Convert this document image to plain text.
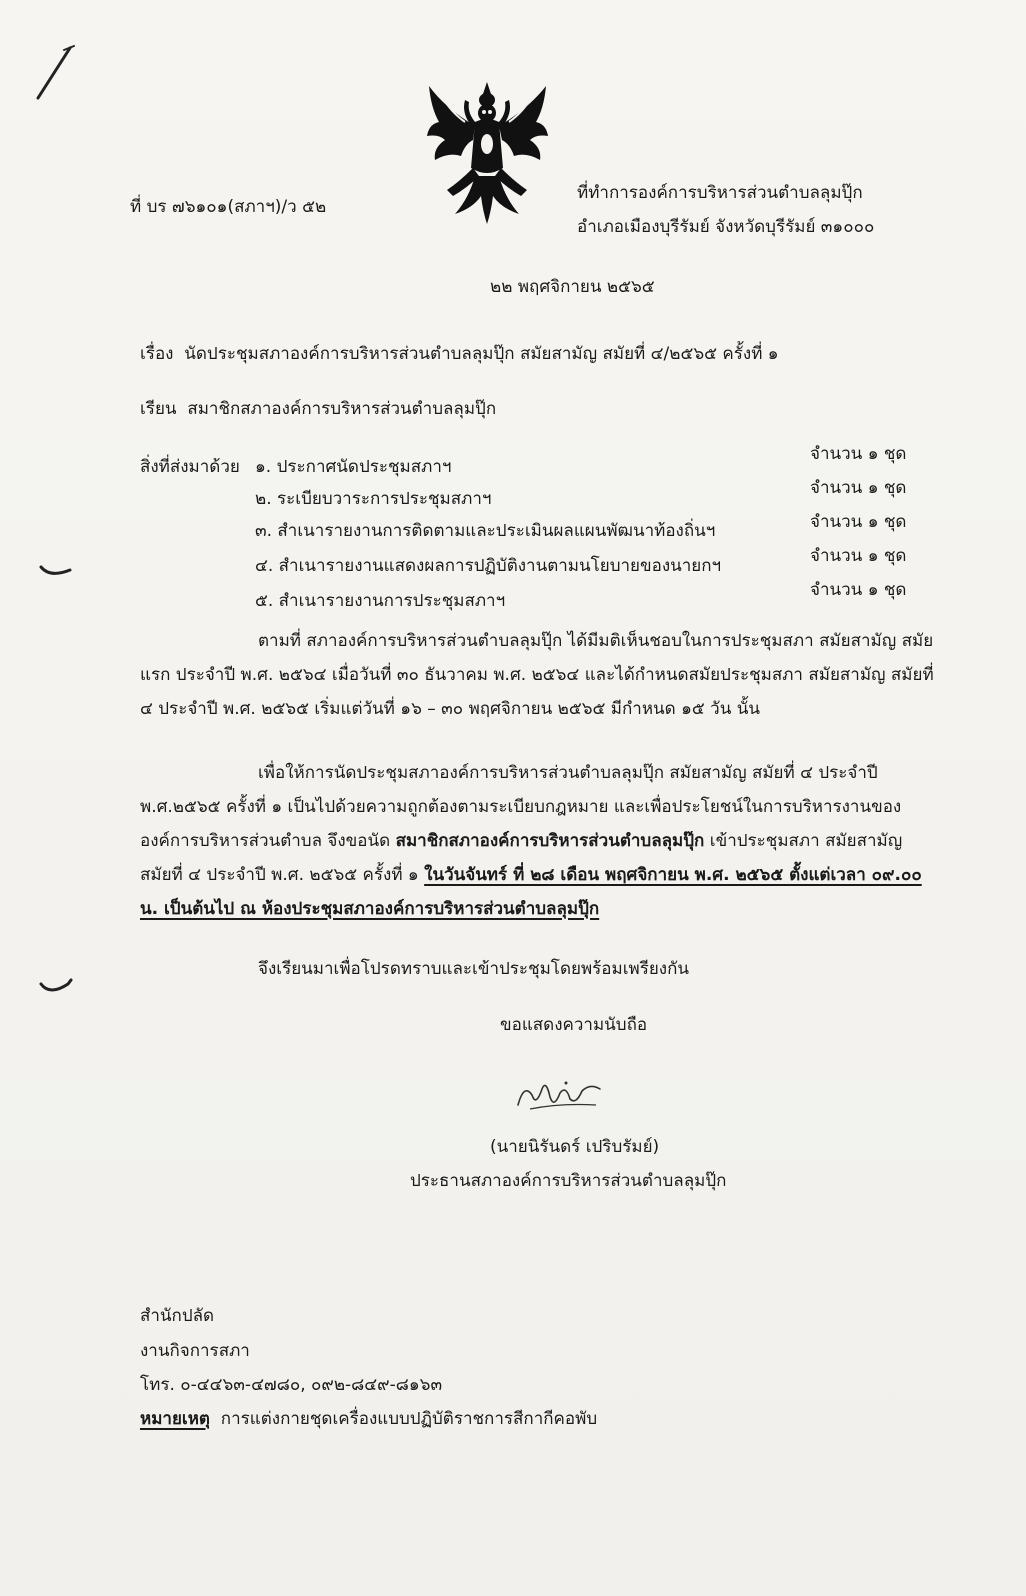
ที่ บร ๗๖๑๐๑(สภาฯ)/ว ๕๒
ที่ทำการองค์การบริหารส่วนตำบลลุมปุ๊ก
อำเภอเมืองบุรีรัมย์ จังหวัดบุรีรัมย์ ๓๑๐๐๐
๒๒ พฤศจิกายน ๒๕๖๕
เรื่อง นัดประชุมสภาองค์การบริหารส่วนตำบลลุมปุ๊ก สมัยสามัญ สมัยที่ ๔/๒๕๖๕ ครั้งที่ ๑
เรียน สมาชิกสภาองค์การบริหารส่วนตำบลลุมปุ๊ก
สิ่งที่ส่งมาด้วย ๑. ประกาศนัดประชุมสภาฯ
จำนวน ๑ ชุด
๒. ระเบียบวาระการประชุมสภาฯ
จำนวน ๑ ชุด
๓. สำเนารายงานการติดตามและประเมินผลแผนพัฒนาท้องถิ่นฯ	จำนวน ๑ ชุด
๔. สำเนารายงานแสดงผลการปฏิบัติงานตามนโยบายของนายกฯ	จำนวน ๑ ชุด
๕. สำเนารายงานการประชุมสภาฯ
จำนวน ๑ ชุด
ตามที่ สภาองค์การบริหารส่วนตำบลลุมปุ๊ก ได้มีมติเห็นชอบในการประชุมสภา สมัยสามัญ สมัยแรก ประจำปี พ.ศ. ๒๕๖๔ เมื่อวันที่ ๓๐ ธันวาคม พ.ศ. ๒๕๖๔ และได้กำหนดสมัยประชุมสภา สมัยสามัญ สมัยที่ ๔ ประจำปี พ.ศ. ๒๕๖๕ เริ่มแต่วันที่ ๑๖ – ๓๐ พฤศจิกายน ๒๕๖๕ มีกำหนด ๑๕ วัน นั้น
เพื่อให้การนัดประชุมสภาองค์การบริหารส่วนตำบลลุมปุ๊ก สมัยสามัญ สมัยที่ ๔ ประจำปี พ.ศ.๒๕๖๕ ครั้งที่ ๑ เป็นไปด้วยความถูกต้องตามระเบียบกฎหมาย และเพื่อประโยชน์ในการบริหารงานขององค์การบริหารส่วนตำบล จึงขอนัด สมาชิกสภาองค์การบริหารส่วนตำบลลุมปุ๊ก เข้าประชุมสภา สมัยสามัญ สมัยที่ ๔ ประจำปี พ.ศ. ๒๕๖๕ ครั้งที่ ๑ ในวันจันทร์ ที่ ๒๘ เดือน พฤศจิกายน พ.ศ. ๒๕๖๕ ตั้งแต่เวลา ๐๙.๐๐ น. เป็นต้นไป ณ ห้องประชุมสภาองค์การบริหารส่วนตำบลลุมปุ๊ก
จึงเรียนมาเพื่อโปรดทราบและเข้าประชุมโดยพร้อมเพรียงกัน
ขอแสดงความนับถือ
(นายนิรันดร์ เปริบรัมย์)
ประธานสภาองค์การบริหารส่วนตำบลลุมปุ๊ก
สำนักปลัด
งานกิจการสภา
โทร. ๐-๔๔๖๓-๔๗๘๐, ๐๙๒-๘๔๙-๘๑๖๓
หมายเหตุ การแต่งกายชุดเครื่องแบบปฏิบัติราชการสีกากีคอพับ
